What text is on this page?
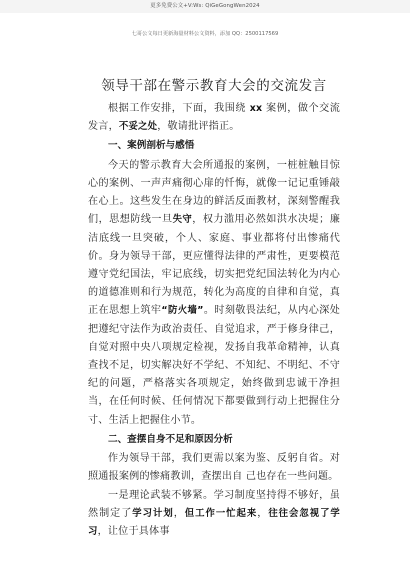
更多免费公文+V:Ws: QiGeGongWen2024
七哥公文每日更新海量材料公文资料，添加 QQ：2500117569
领导干部在警示教育大会的交流发言

根据工作安排，下面，我围绕 xx 案例，做个交流发言，不妥之处，敬请批评指正。

一、案例剖析与感悟

今天的警示教育大会所通报的案例，一桩桩触目惊心的案例、一声声痛彻心扉的忏悔，就像一记记重锤敲在心上。这些发生在身边的鲜活反面教材，深刻警醒我们，思想防线一旦失守，权力滥用必然如洪水决堤；廉洁底线一旦突破，个人、家庭、事业都将付出惨痛代价。身为领导干部，更应懂得法律的严肃性，更要模范遵守党纪国法，牢记底线，切实把党纪国法转化为内心的道德准则和行为规范，转化为高度的自律和自觉，真正在思想上筑牢“防火墙”。时刻敬畏法纪，从内心深处把遵纪守法作为政治责任、自觉追求，严于修身律己，自觉对照中央八项规定检视，发扬自我革命精神，认真查找不足，切实解决好不学纪、不知纪、不明纪、不守纪的问题，严格落实各项规定，始终做到忠诚干净担当，在任何时候、任何情况下都要做到行动上把握住分寸、生活上把握住小节。

二、查摆自身不足和原因分析

作为领导干部，我们更需以案为鉴、反躬自省。对照通报案例的惨痛教训，查摆出自 己也存在一些问题。

一是理论武装不够紧。学习制度坚持得不够好，虽然制定了学习计划，但工作一忙起来，往往会忽视了学习，让位于具体事
